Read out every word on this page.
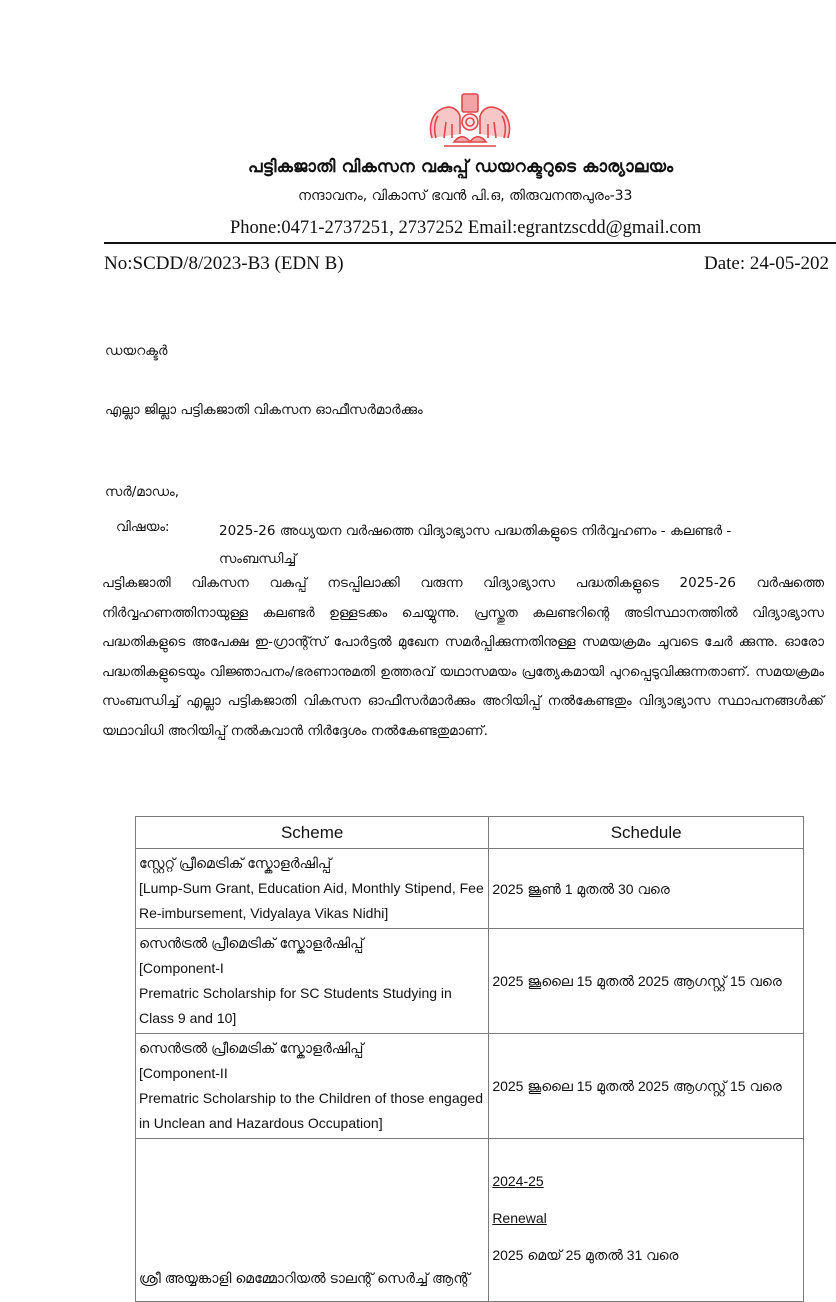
പട്ടികജാതി വികസന വകുപ്പ് ഡയറക്ടറുടെ കാര്യാലയം
നന്ദാവനം, വികാസ് ഭവൻ പി.ഒ, തിരുവനന്തപുരം-33
Phone:0471-2737251, 2737252 Email:egrantzscdd@gmail.com
No:SCDD/8/2023-B3 (EDN B)	Date: 24-05-202
ഡയറക്ടർ
എല്ലാ ജില്ലാ പട്ടികജാതി വികസന ഓഫീസർമാർക്കും
സർ/മാഡം,
വിഷയം:	2025-26 അധ്യയന വർഷത്തെ വിദ്യാഭ്യാസ പദ്ധതികളുടെ നിർവ്വഹണം - കലണ്ടർ - സംബന്ധിച്ച്
പട്ടികജാതി വികസന വകുപ്പ് നടപ്പിലാക്കി വരുന്ന വിദ്യാഭ്യാസ പദ്ധതികളുടെ 2025-26 വർഷത്തെ നിർവ്വഹണത്തിനായുള്ള കലണ്ടർ ഉള്ളടക്കം ചെയ്യുന്നു. പ്രസ്തുത കലണ്ടറിന്റെ അടിസ്ഥാനത്തിൽ വിദ്യാഭ്യാസ പദ്ധതികളുടെ അപേക്ഷ ഇ-ഗ്രാന്റ്സ് പോർട്ടൽ മുഖേന സമർപ്പിക്കുന്നതിനുള്ള സമയക്രമം ചുവടെ ചേർ ക്കുന്നു. ഓരോ പദ്ധതികളുടെയും വിജ്ഞാപനം/ഭരണാനുമതി ഉത്തരവ് യഥാസമയം പ്രത്യേകമായി പുറപ്പെടുവിക്കുന്നതാണ്. സമയക്രമം സംബന്ധിച്ച് എല്ലാ പട്ടികജാതി വികസന ഓഫീസർമാർക്കും അറിയിപ്പ് നൽകേണ്ടതും വിദ്യാഭ്യാസ സ്ഥാപനങ്ങൾക്ക് യഥാവിധി അറിയിപ്പ് നൽകുവാൻ നിർദ്ദേശം നൽകേണ്ടതുമാണ്.
Scheme	Schedule

സ്റ്റേറ്റ് പ്രീമെട്രിക് സ്കോളർഷിപ്പ്
[Lump-Sum Grant, Education Aid, Monthly Stipend, Fee Re-imbursement, Vidyalaya Vikas Nidhi]	2025 ജൂൺ 1 മുതൽ 30 വരെ

സെൻട്രൽ പ്രീമെട്രിക് സ്കോളർഷിപ്പ്
[Component-I
Prematric Scholarship for SC Students Studying in Class 9 and 10]	2025 ജൂലൈ 15 മുതൽ 2025 ആഗസ്റ്റ് 15 വരെ

സെൻട്രൽ പ്രീമെട്രിക് സ്കോളർഷിപ്പ്
[Component-II
Prematric Scholarship to the Children of those engaged in Unclean and Hazardous Occupation]	2025 ജൂലൈ 15 മുതൽ 2025 ആഗസ്റ്റ് 15 വരെ

ശ്രീ അയ്യങ്കാളി മെമ്മോറിയൽ ടാലന്റ് സെർച്ച് ആന്റ്	2024-25
Renewal
2025 മെയ് 25 മുതൽ 31 വരെ
